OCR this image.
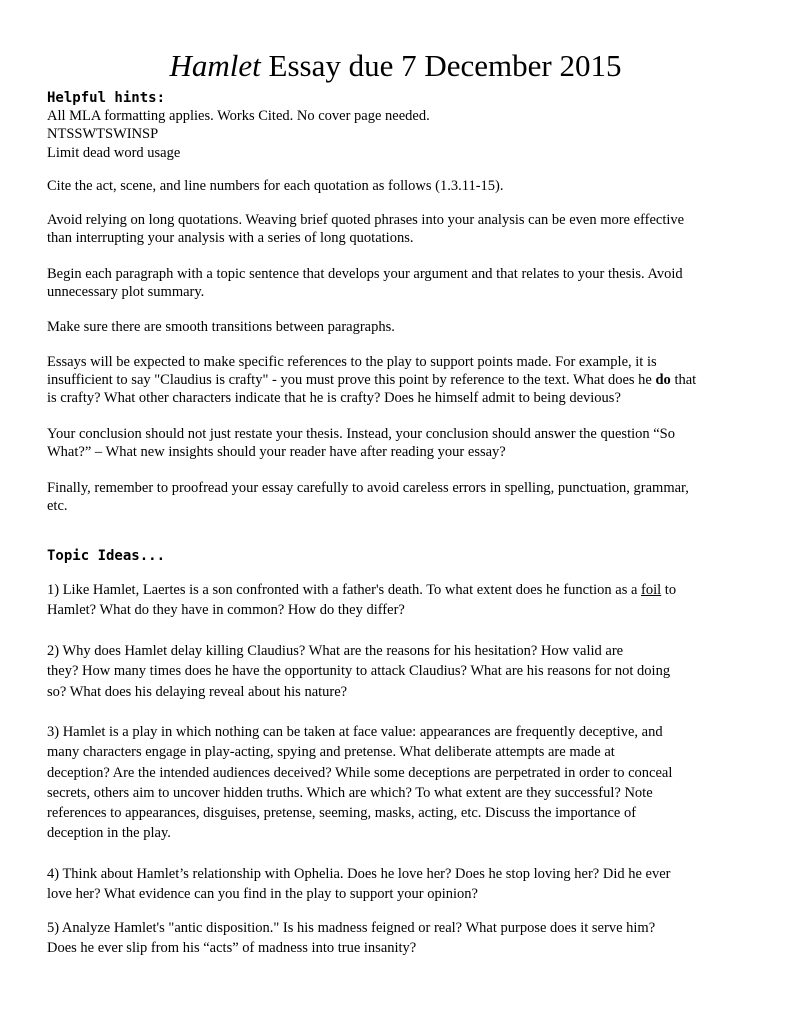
Hamlet Essay due 7 December 2015
Helpful hints:
All MLA formatting applies. Works Cited. No cover page needed.
NTSSWTSWINSP
Limit dead word usage
Cite the act, scene, and line numbers for each quotation as follows (1.3.11-15).
Avoid relying on long quotations. Weaving brief quoted phrases into your analysis can be even more effective
than interrupting your analysis with a series of long quotations.
Begin each paragraph with a topic sentence that develops your argument and that relates to your thesis. Avoid
unnecessary plot summary.
Make sure there are smooth transitions between paragraphs.
Essays will be expected to make specific references to the play to support points made. For example, it is
insufficient to say "Claudius is crafty" - you must prove this point by reference to the text. What does he do that
is crafty? What other characters indicate that he is crafty? Does he himself admit to being devious?
Your conclusion should not just restate your thesis. Instead, your conclusion should answer the question “So
What?” – What new insights should your reader have after reading your essay?
Finally, remember to proofread your essay carefully to avoid careless errors in spelling, punctuation, grammar,
etc.
Topic Ideas...
1) Like Hamlet, Laertes is a son confronted with a father's death. To what extent does he function as a foil to
Hamlet? What do they have in common? How do they differ?
2) Why does Hamlet delay killing Claudius? What are the reasons for his hesitation? How valid are
they? How many times does he have the opportunity to attack Claudius? What are his reasons for not doing
so? What does his delaying reveal about his nature?
3) Hamlet is a play in which nothing can be taken at face value: appearances are frequently deceptive, and
many characters engage in play-acting, spying and pretense. What deliberate attempts are made at
deception? Are the intended audiences deceived? While some deceptions are perpetrated in order to conceal
secrets, others aim to uncover hidden truths. Which are which? To what extent are they successful? Note
references to appearances, disguises, pretense, seeming, masks, acting, etc. Discuss the importance of
deception in the play.
4) Think about Hamlet’s relationship with Ophelia. Does he love her? Does he stop loving her? Did he ever
love her? What evidence can you find in the play to support your opinion?
5) Analyze Hamlet's "antic disposition." Is his madness feigned or real? What purpose does it serve him?
Does he ever slip from his “acts” of madness into true insanity?
